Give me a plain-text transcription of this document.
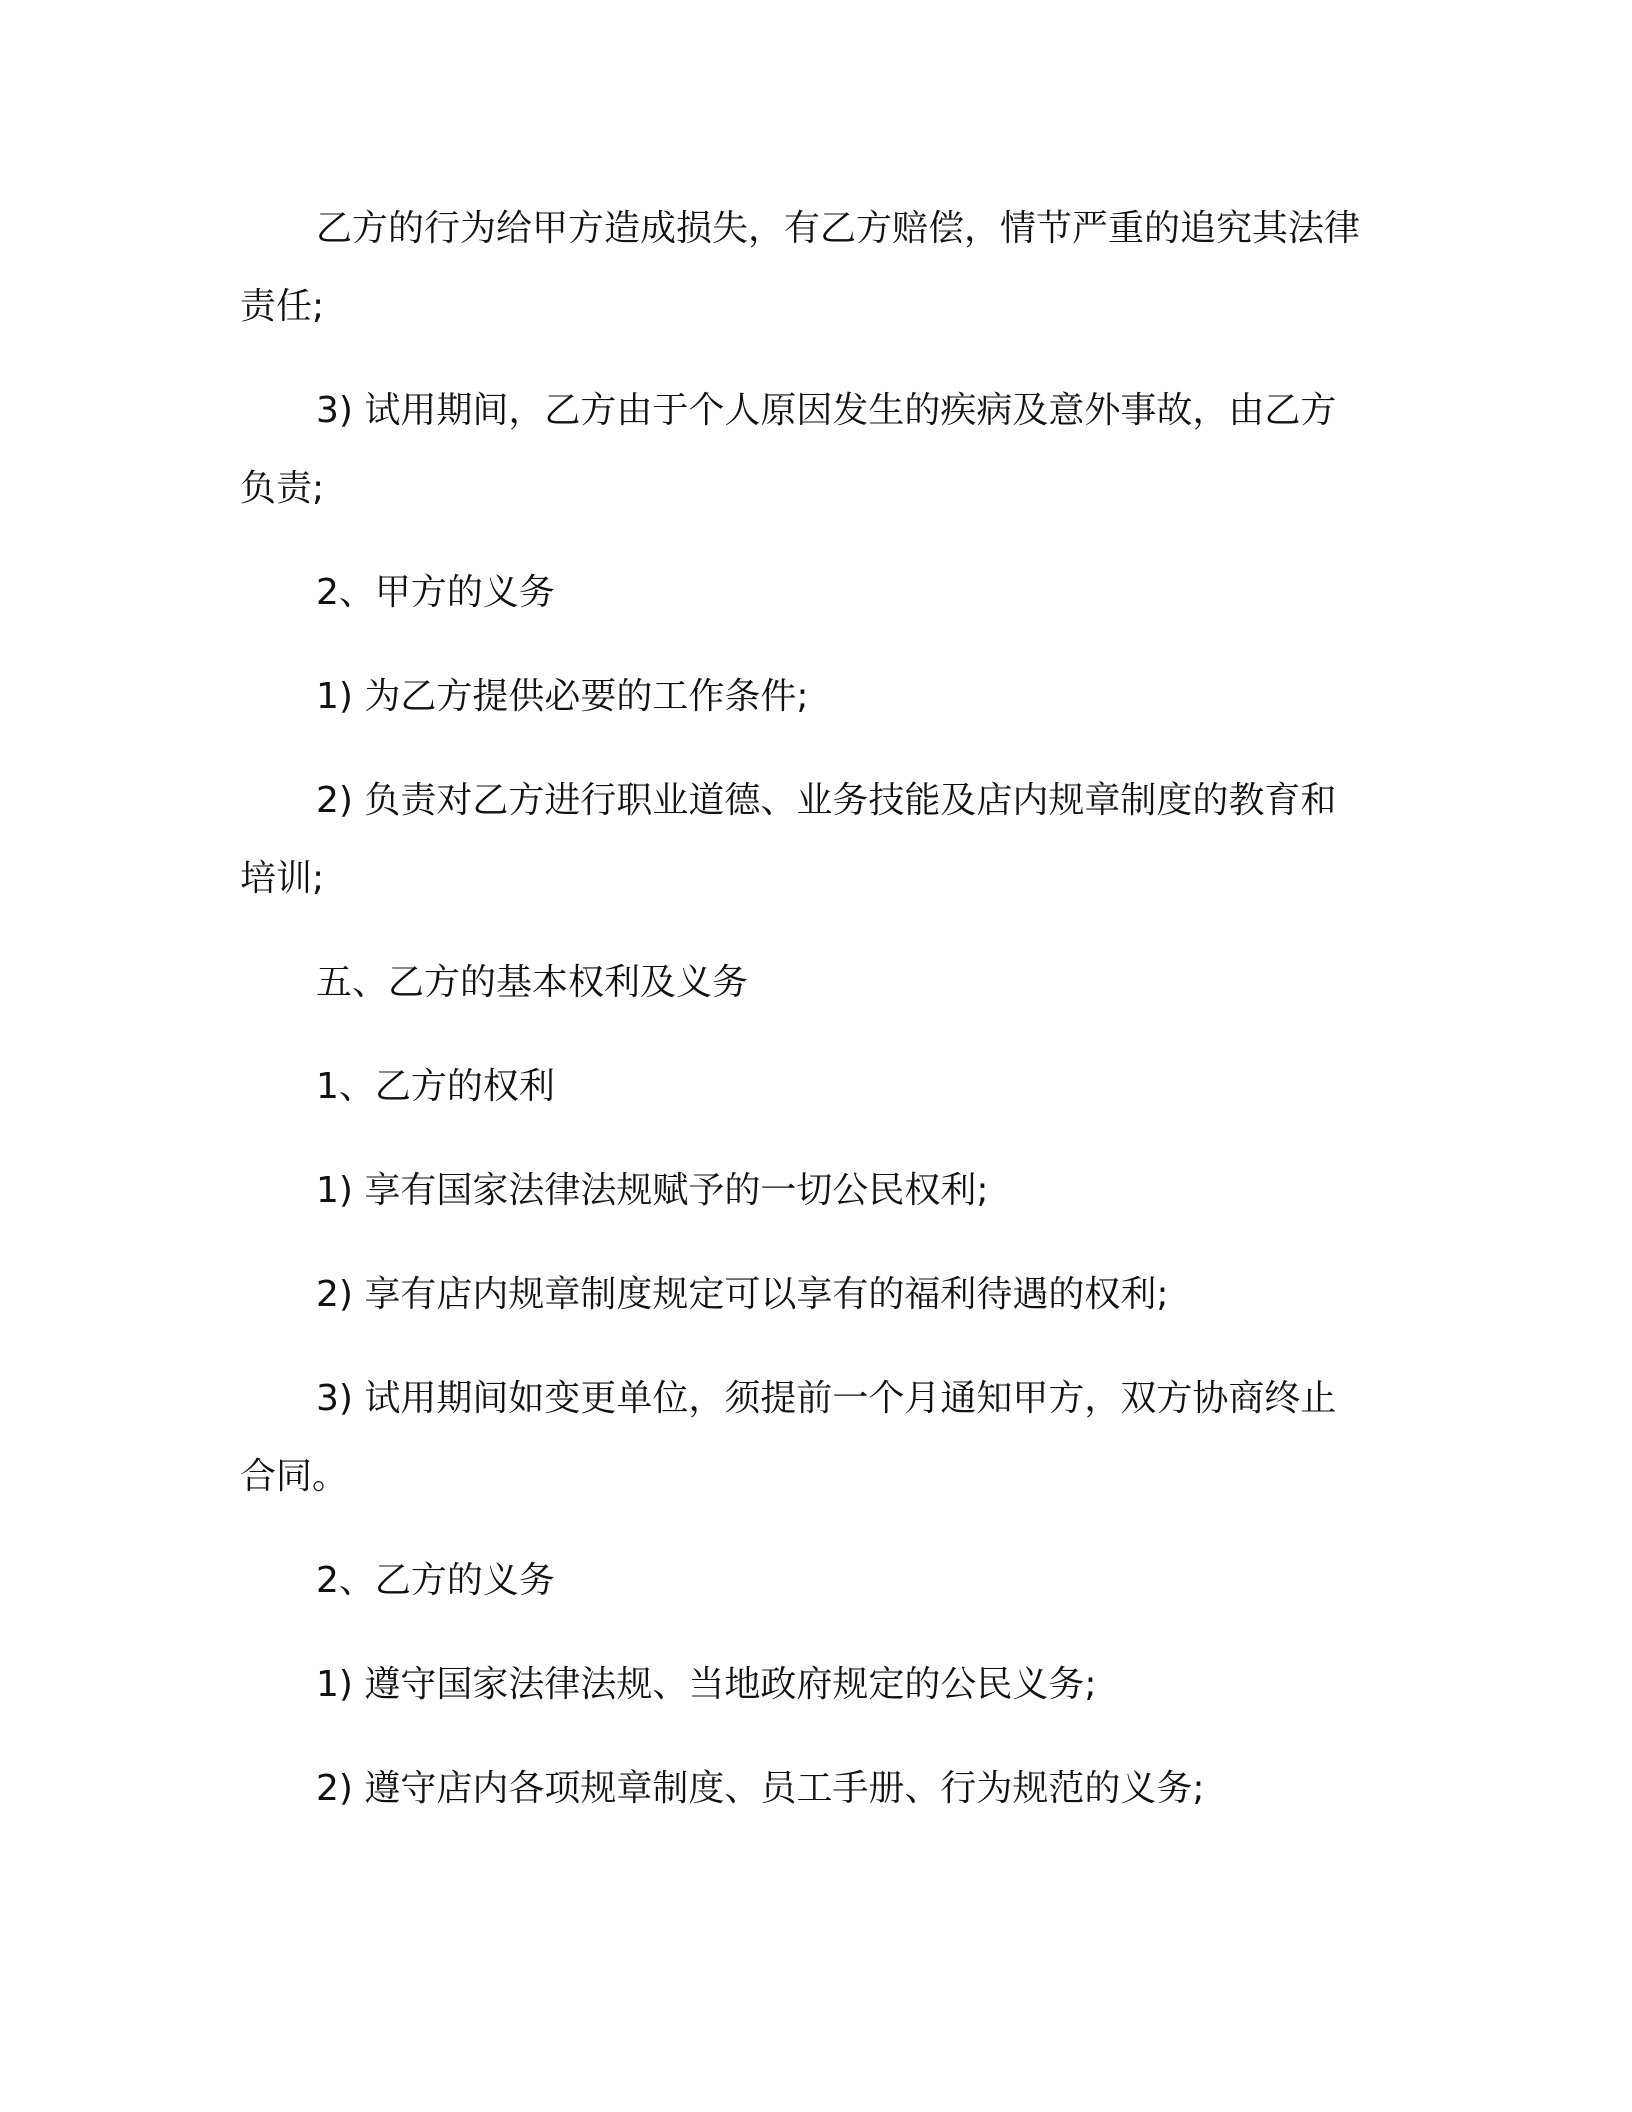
乙方的行为给甲方造成损失，有乙方赔偿，情节严重的追究其法律责任;

3) 试用期间，乙方由于个人原因发生的疾病及意外事故，由乙方负责;

2、甲方的义务

1) 为乙方提供必要的工作条件;

2) 负责对乙方进行职业道德、业务技能及店内规章制度的教育和培训;

五、乙方的基本权利及义务

1、乙方的权利

1) 享有国家法律法规赋予的一切公民权利;

2) 享有店内规章制度规定可以享有的福利待遇的权利;

3) 试用期间如变更单位，须提前一个月通知甲方，双方协商终止合同。

2、乙方的义务

1) 遵守国家法律法规、当地政府规定的公民义务;

2) 遵守店内各项规章制度、员工手册、行为规范的义务;
